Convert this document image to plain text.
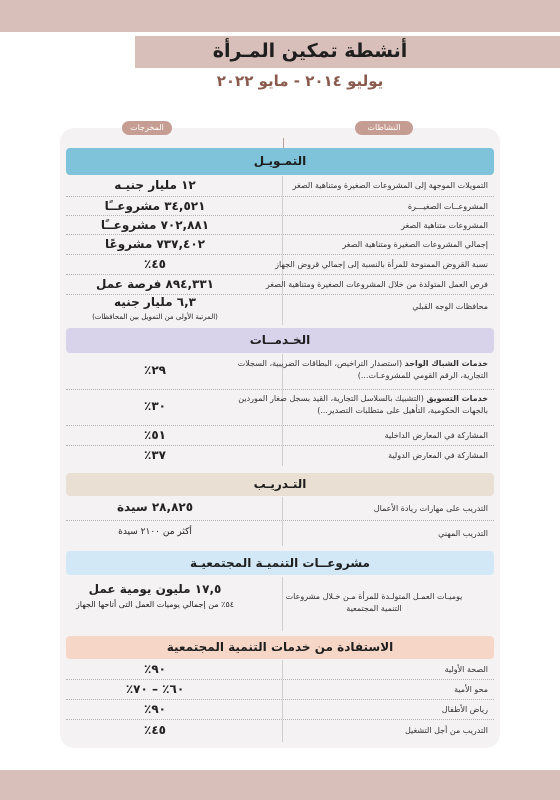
أنشطة تمكين المـرأة
يوليو ٢٠١٤ - مايو ٢٠٢٢
النشاطات
المخرجات
التمـويـل
التمويلات الموجهة إلى المشروعات الصغيرة ومتناهية الصغر
١٢ مليار جنيـه
المشروعــات الصغيـــرة
٣٤,٥٢١ مشروعــًا
المشروعات متناهية الصغر
٧٠٢,٨٨١ مشروعــًا
إجمالي المشروعات الصغيرة ومتناهية الصغر
٧٣٧,٤٠٢ مشروعًا
نسبة القروض الممنوحة للمرأة بالنسبة إلى إجمالي قروض الجهاز
٤٥٪
فرص العمل المتولدة من خلال المشروعات الصغيرة ومتناهية الصغر
٨٩٤,٣٣١ فرصة عمل
محافظات الوجه القبلي
٦,٣ مليار جنيه
(المرتبة الأولى من التمويل بين المحافظات)
الخـدمــات
خدمات الشباك الواحد (استصدار التراخيص، البطاقات الضريبية، السجلات التجارية، الرقم القومي للمشروعـات...)
٢٩٪
خدمات التسويق (التشبيك بالسلاسل التجارية، القيد بسجل صغار الموردين بالجهات الحكومية، التأهيل على متطلبات التصدير...)
٣٠٪
المشاركة في المعارض الداخلية
٥١٪
المشاركة في المعارض الدولية
٣٧٪
التـدريـب
التدريب على مهارات ريادة الأعمال
٢٨,٨٢٥ سيدة
التدريب المهني
أكثر من ٢١٠٠ سيدة
مشروعــات التنميـة المجتمعيـة
يوميـات العمـل المتولـدة للمرأة مـن خـلال مشروعات التنمية المجتمعية
١٧,٥ مليون يومية عمل
٥٤٪ من إجمالي يوميات العمل التى أتاحها الجهاز
الاستفادة من خدمات التنمية المجتمعية
الصحة الأولية
٩٠٪
محو الأمية
٦٠٪ – ٧٠٪
رياض الأطفال
٩٠٪
التدريب من أجل التشغيل
٤٥٪
